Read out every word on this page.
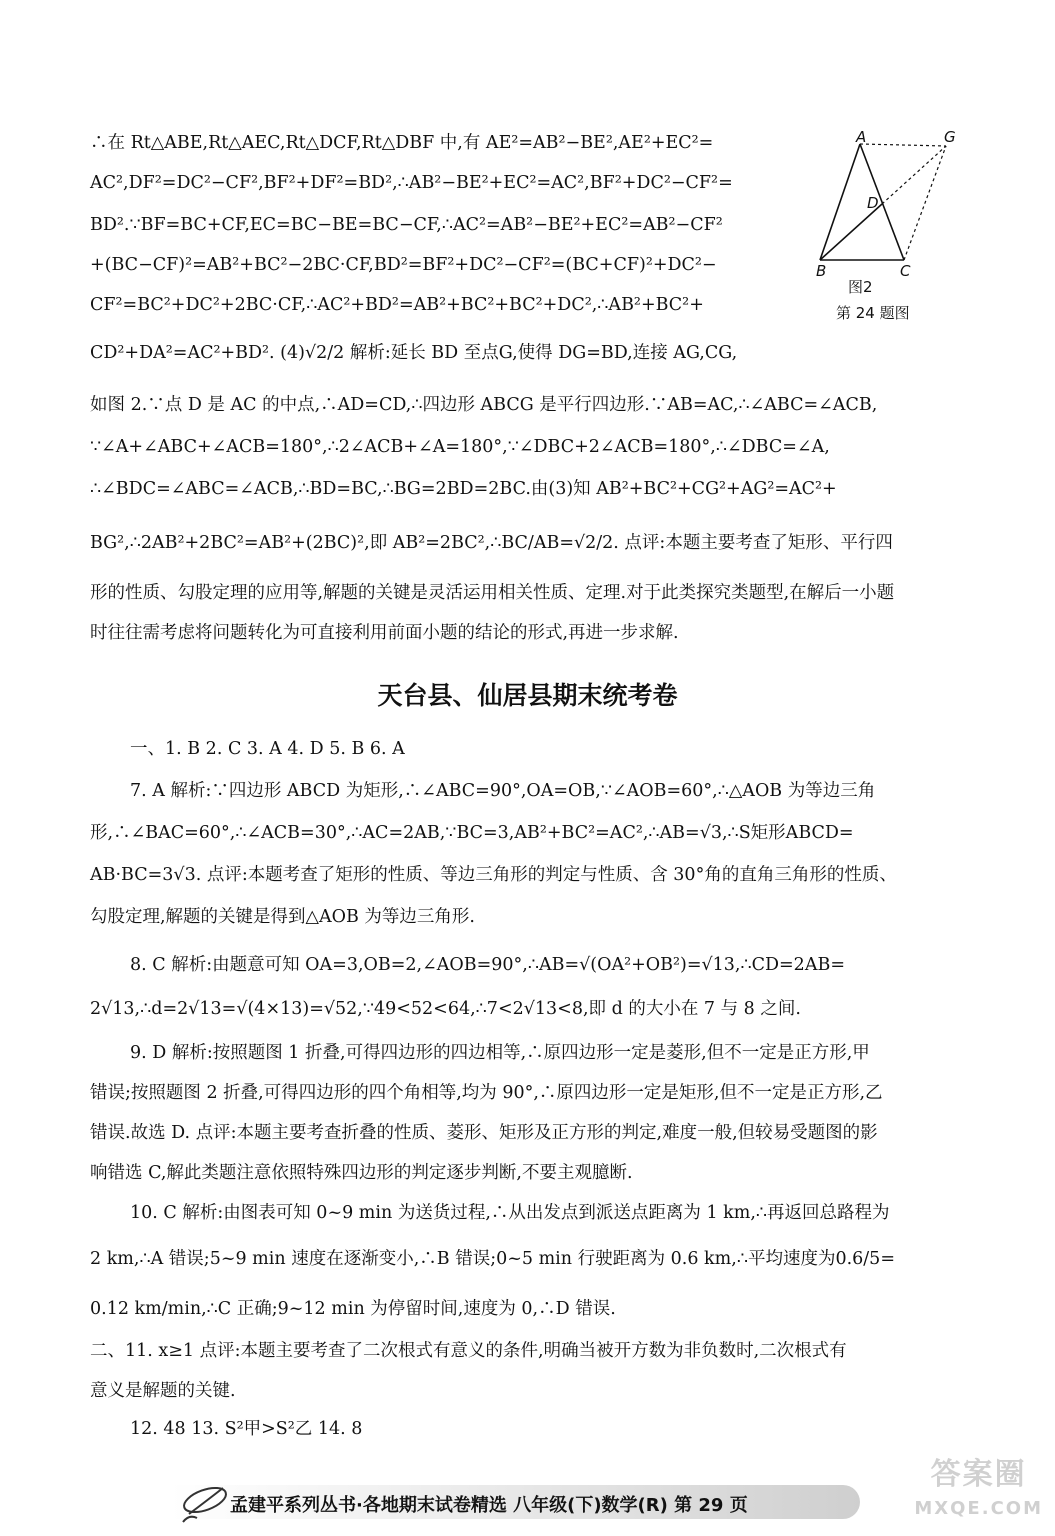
∴在 Rt△ABE,Rt△AEC,Rt△DCF,Rt△DBF 中,有 AE²=AB²−BE²,AE²+EC²=
AC²,DF²=DC²−CF²,BF²+DF²=BD²,∴AB²−BE²+EC²=AC²,BF²+DC²−CF²=
BD².∵BF=BC+CF,EC=BC−BE=BC−CF,∴AC²=AB²−BE²+EC²=AB²−CF²
+(BC−CF)²=AB²+BC²−2BC·CF,BD²=BF²+DC²−CF²=(BC+CF)²+DC²−
CF²=BC²+DC²+2BC·CF,∴AC²+BD²=AB²+BC²+BC²+DC²,∴AB²+BC²+
CD²+DA²=AC²+BD². (4)√2/2 解析:延长 BD 至点G,使得 DG=BD,连接 AG,CG,
如图 2.∵点 D 是 AC 的中点,∴AD=CD,∴四边形 ABCG 是平行四边形.∵AB=AC,∴∠ABC=∠ACB,
∵∠A+∠ABC+∠ACB=180°,∴2∠ACB+∠A=180°,∵∠DBC+2∠ACB=180°,∴∠DBC=∠A,
∴∠BDC=∠ABC=∠ACB,∴BD=BC,∴BG=2BD=2BC.由(3)知 AB²+BC²+CG²+AG²=AC²+
BG²,∴2AB²+2BC²=AB²+(2BC)²,即 AB²=2BC²,∴BC/AB=√2/2. 点评:本题主要考查了矩形、平行四
形的性质、勾股定理的应用等,解题的关键是灵活运用相关性质、定理.对于此类探究类题型,在解后一小题
时往往需考虑将问题转化为可直接利用前面小题的结论的形式,再进一步求解.
A	G
D
B	C
图2
第 24 题图
天台县、仙居县期末统考卷
一、1. B 2. C 3. A 4. D 5. B 6. A
7. A 解析:∵四边形 ABCD 为矩形,∴∠ABC=90°,OA=OB,∵∠AOB=60°,∴△AOB 为等边三角
形,∴∠BAC=60°,∴∠ACB=30°,∴AC=2AB,∵BC=3,AB²+BC²=AC²,∴AB=√3,∴S矩形ABCD=
AB·BC=3√3. 点评:本题考查了矩形的性质、等边三角形的判定与性质、含 30°角的直角三角形的性质、
勾股定理,解题的关键是得到△AOB 为等边三角形.
8. C 解析:由题意可知 OA=3,OB=2,∠AOB=90°,∴AB=√(OA²+OB²)=√13,∴CD=2AB=
2√13,∴d=2√13=√(4×13)=√52,∵49<52<64,∴7<2√13<8,即 d 的大小在 7 与 8 之间.
9. D 解析:按照题图 1 折叠,可得四边形的四边相等,∴原四边形一定是菱形,但不一定是正方形,甲
错误;按照题图 2 折叠,可得四边形的四个角相等,均为 90°,∴原四边形一定是矩形,但不一定是正方形,乙
错误.故选 D. 点评:本题主要考查折叠的性质、菱形、矩形及正方形的判定,难度一般,但较易受题图的影
响错选 C,解此类题注意依照特殊四边形的判定逐步判断,不要主观臆断.
10. C 解析:由图表可知 0~9 min 为送货过程,∴从出发点到派送点距离为 1 km,∴再返回总路程为
2 km,∴A 错误;5~9 min 速度在逐渐变小,∴B 错误;0~5 min 行驶距离为 0.6 km,∴平均速度为0.6/5=
0.12 km/min,∴C 正确;9~12 min 为停留时间,速度为 0,∴D 错误.
二、11. x≥1 点评:本题主要考查了二次根式有意义的条件,明确当被开方数为非负数时,二次根式有
意义是解题的关键.
12. 48 13. S²甲>S²乙 14. 8
孟建平系列丛书·各地期末试卷精选 八年级(下)数学(R) 第 29 页
答案圈
MXQE.COM
